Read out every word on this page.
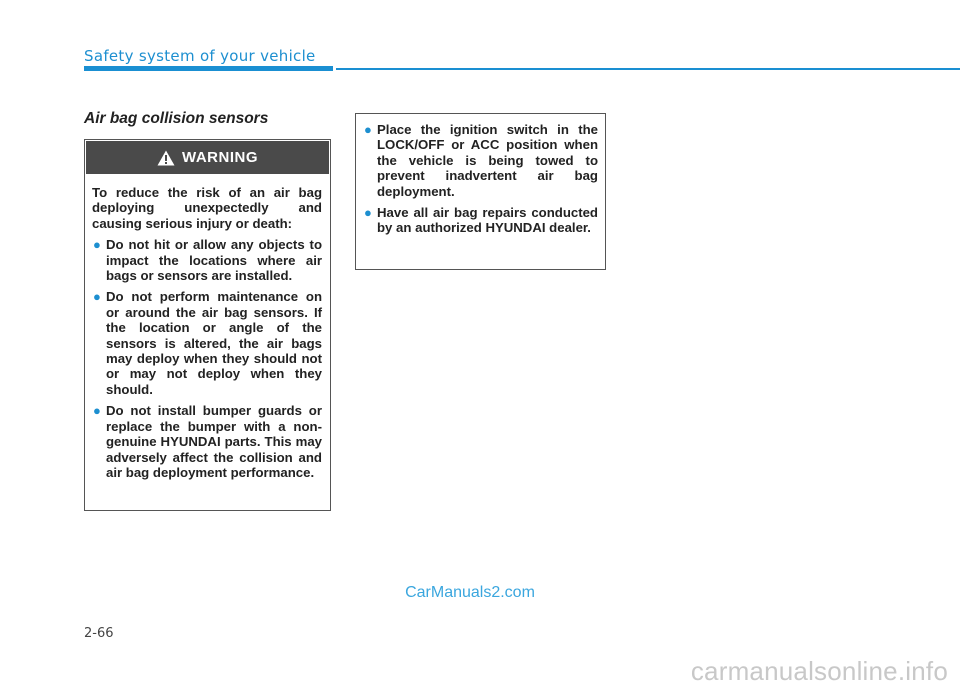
Safety system of your vehicle
Air bag collision sensors
WARNING

To reduce the risk of an air bag deploying unexpectedly and causing serious injury or death:

● Do not hit or allow any objects to impact the locations where air bags or sensors are installed.
● Do not perform maintenance on or around the air bag sensors. If the location or angle of the sensors is altered, the air bags may deploy when they should not or may not deploy when they should.
● Do not install bumper guards or replace the bumper with a non-genuine HYUNDAI parts. This may adversely affect the collision and air bag deployment performance.
● Place the ignition switch in the LOCK/OFF or ACC position when the vehicle is being towed to prevent inadvertent air bag deployment.
● Have all air bag repairs conducted by an authorized HYUNDAI dealer.
CarManuals2.com
2-66
carmanualsonline.info
